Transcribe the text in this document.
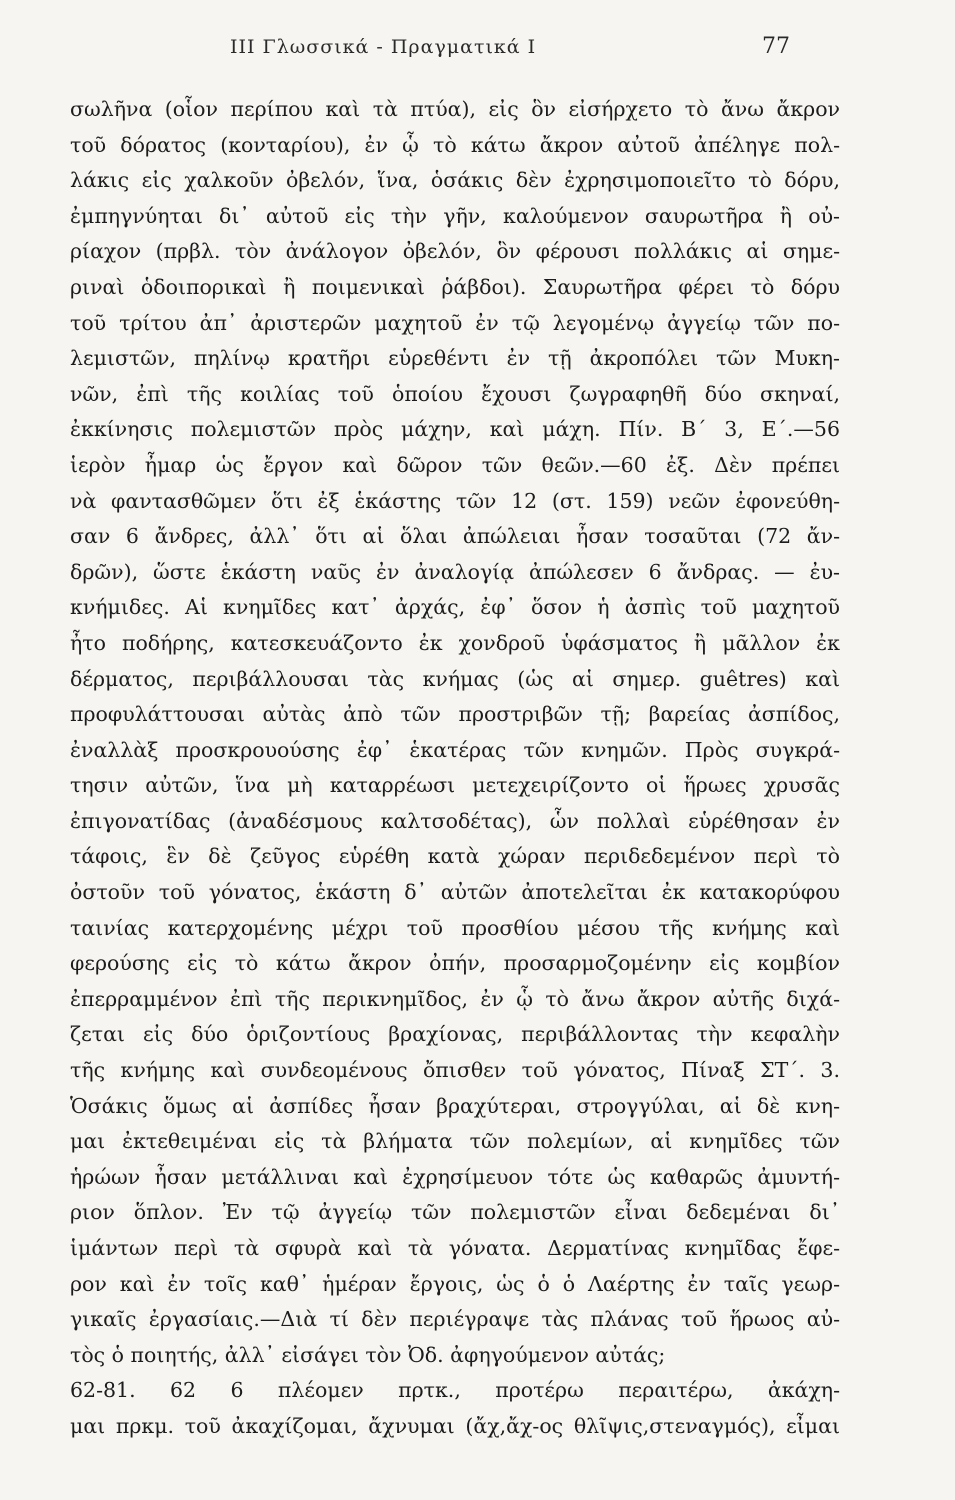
III Γλωσσικά - Πραγματικά I	77
σωλῆνα (οἷον περίπου καὶ τὰ πτύα), εἰς ὃν εἰσήρχετο τὸ ἄνω ἄκρον
τοῦ δόρατος (κονταρίου), ἐν ᾧ τὸ κάτω ἄκρον αὐτοῦ ἀπέληγε πολ-
λάκις εἰς χαλκοῦν ὀβελόν, ἵνα, ὁσάκις δὲν ἐχρησιμοποιεῖτο τὸ δόρυ,
ἐμπηγνύηται δι᾽ αὐτοῦ εἰς τὴν γῆν, καλούμενον σαυρωτῆρα ἢ οὐ-
ρίαχον (πρβλ. τὸν ἀνάλογον ὀβελόν, ὃν φέρουσι πολλάκις αἱ σημε-
ριναὶ ὁδοιπορικαὶ ἢ ποιμενικαὶ ῥάβδοι). Σαυρωτῆρα φέρει τὸ δόρυ
τοῦ τρίτου ἀπ᾽ ἀριστερῶν μαχητοῦ ἐν τῷ λεγομένῳ ἀγγείῳ τῶν πο-
λεμιστῶν, πηλίνῳ κρατῆρι εὑρεθέντι ἐν τῇ ἀκροπόλει τῶν Μυκη-
νῶν, ἐπὶ τῆς κοιλίας τοῦ ὁποίου ἔχουσι ζωγραφηθῆ δύο σκηναί,
ἐκκίνησις πολεμιστῶν πρὸς μάχην, καὶ μάχη. Πίν. Β΄ 3, Ε΄.—56
ἱερὸν ἦμαρ ὡς ἔργον καὶ δῶρον τῶν θεῶν.—60 ἐξ. Δὲν πρέπει
νὰ φαντασθῶμεν ὅτι ἐξ ἑκάστης τῶν 12 (στ. 159) νεῶν ἐφονεύθη-
σαν 6 ἄνδρες, ἀλλ᾽ ὅτι αἱ ὅλαι ἀπώλειαι ἦσαν τοσαῦται (72 ἄν-
δρῶν), ὥστε ἑκάστη ναῦς ἐν ἀναλογίᾳ ἀπώλεσεν 6 ἄνδρας. — ἐυ-
κνήμιδες. Αἱ κνημῖδες κατ᾽ ἀρχάς, ἐφ᾽ ὅσον ἡ ἀσπὶς τοῦ μαχητοῦ
ἦτο ποδήρης, κατεσκευάζοντο ἐκ χονδροῦ ὑφάσματος ἢ μᾶλλον ἐκ
δέρματος, περιβάλλουσαι τὰς κνήμας (ὡς αἱ σημερ. guêtres) καὶ
προφυλάττουσαι αὐτὰς ἀπὸ τῶν προστριβῶν τῇ; βαρείας ἀσπίδος,
ἐναλλὰξ προσκρουούσης ἐφ᾽ ἑκατέρας τῶν κνημῶν. Πρὸς συγκρά-
τησιν αὐτῶν, ἵνα μὴ καταρρέωσι μετεχειρίζοντο οἱ ἥρωες χρυσᾶς
ἐπιγονατίδας (ἀναδέσμους καλτσοδέτας), ὧν πολλαὶ εὑρέθησαν ἐν
τάφοις, ἓν δὲ ζεῦγος εὑρέθη κατὰ χώραν περιδεδεμένον περὶ τὸ
ὀστοῦν τοῦ γόνατος, ἑκάστη δ᾽ αὐτῶν ἀποτελεῖται ἐκ κατακορύφου
ταινίας κατερχομένης μέχρι τοῦ προσθίου μέσου τῆς κνήμης καὶ
φερούσης εἰς τὸ κάτω ἄκρον ὀπήν, προσαρμοζομένην εἰς κομβίον
ἐπερραμμένον ἐπὶ τῆς περικνημῖδος, ἐν ᾧ τὸ ἄνω ἄκρον αὐτῆς διχά-
ζεται εἰς δύο ὁριζοντίους βραχίονας, περιβάλλοντας τὴν κεφαλὴν
τῆς κνήμης καὶ συνδεομένους ὄπισθεν τοῦ γόνατος, Πίναξ ΣΤ΄. 3.
Ὁσάκις ὅμως αἱ ἀσπίδες ἦσαν βραχύτεραι, στρογγύλαι, αἱ δὲ κνη-
μαι ἐκτεθειμέναι εἰς τὰ βλήματα τῶν πολεμίων, αἱ κνημῖδες τῶν
ἡρώων ἦσαν μετάλλιναι καὶ ἐχρησίμευον τότε ὡς καθαρῶς ἀμυντή-
ριον ὅπλον. Ἐν τῷ ἀγγείῳ τῶν πολεμιστῶν εἶναι δεδεμέναι δι᾽
ἱμάντων περὶ τὰ σφυρὰ καὶ τὰ γόνατα. Δερματίνας κνημῖδας ἔφε-
ρον καὶ ἐν τοῖς καθ᾽ ἡμέραν ἔργοις, ὡς ὁ ὁ Λαέρτης ἐν ταῖς γεωρ-
γικαῖς ἐργασίαις.—Διὰ τί δὲν περιέγραψε τὰς πλάνας τοῦ ἥρωος αὐ-
τὸς ὁ ποιητής, ἀλλ᾽ εἰσάγει τὸν Ὀδ. ἀφηγούμενον αὐτάς;
62-81. 62 6 πλέομεν πρτκ., προτέρω περαιτέρω, ἀκάχη-
μαι πρκμ. τοῦ ἀκαχίζομαι, ἄχνυμαι (ἄχ,ἄχ-ος θλῖψις,στεναγμός), εἶμαι
